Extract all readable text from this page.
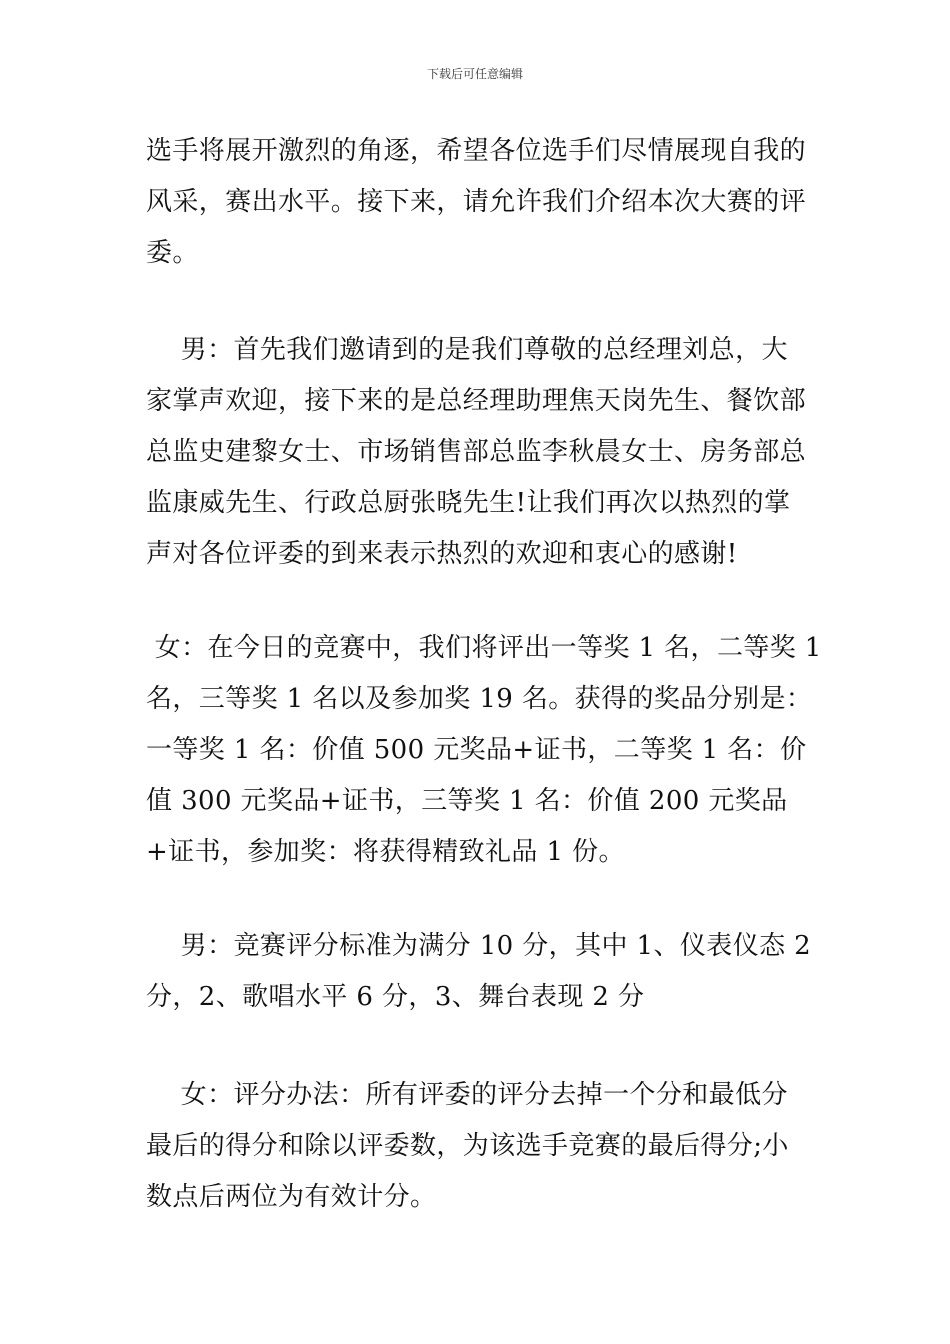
下载后可任意编辑

选手将展开激烈的角逐，希望各位选手们尽情展现自我的风采，赛出水平。接下来，请允许我们介绍本次大赛的评委。

男：首先我们邀请到的是我们尊敬的总经理刘总，大家掌声欢迎，接下来的是总经理助理焦天岗先生、餐饮部总监史建黎女士、市场销售部总监李秋晨女士、房务部总监康威先生、行政总厨张晓先生!让我们再次以热烈的掌声对各位评委的到来表示热烈的欢迎和衷心的感谢!

女：在今日的竞赛中，我们将评出一等奖 1 名，二等奖 1 名，三等奖 1 名以及参加奖 19 名。获得的奖品分别是：一等奖 1 名：价值 500 元奖品+证书，二等奖 1 名：价值 300 元奖品+证书，三等奖 1 名：价值 200 元奖品+证书，参加奖：将获得精致礼品 1 份。

男：竞赛评分标准为满分 10 分，其中 1、仪表仪态 2 分，2、歌唱水平 6 分，3、舞台表现 2 分

女：评分办法：所有评委的评分去掉一个分和最低分最后的得分和除以评委数，为该选手竞赛的最后得分;小数点后两位为有效计分。
